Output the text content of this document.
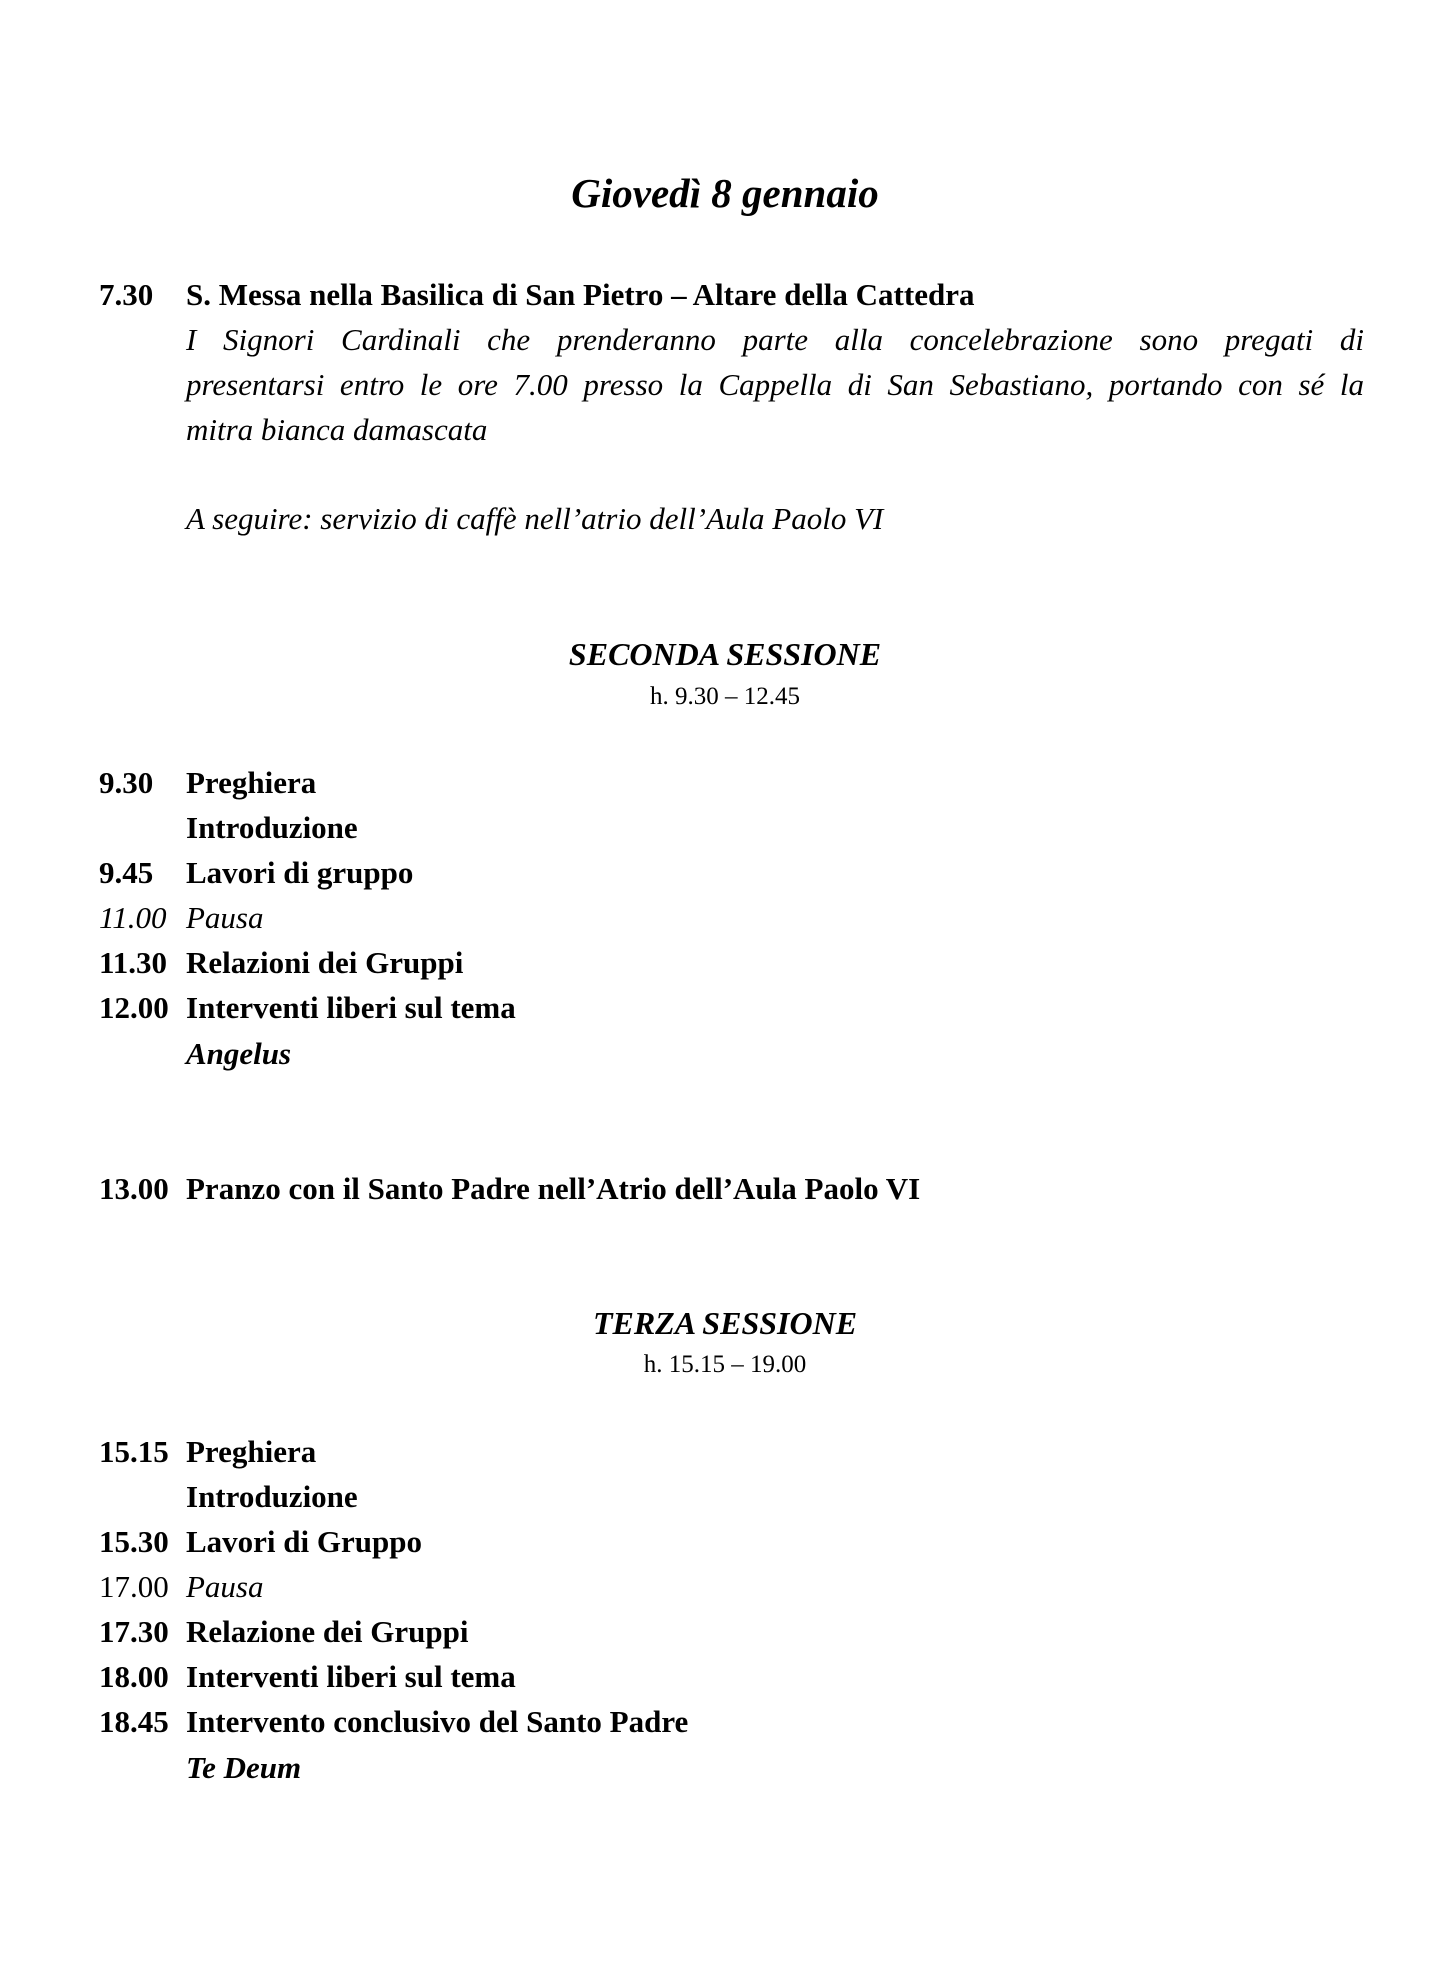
Giovedì 8 gennaio
7.30 S. Messa nella Basilica di San Pietro – Altare della Cattedra
I Signori Cardinali che prenderanno parte alla concelebrazione sono pregati di
presentarsi entro le ore 7.00 presso la Cappella di San Sebastiano, portando con sé la
mitra bianca damascata
A seguire: servizio di caffè nell’atrio dell’Aula Paolo VI
SECONDA SESSIONE
h. 9.30 – 12.45
9.30 Preghiera
Introduzione
9.45 Lavori di gruppo
11.00 Pausa
11.30 Relazioni dei Gruppi
12.00 Interventi liberi sul tema
Angelus
13.00 Pranzo con il Santo Padre nell’Atrio dell’Aula Paolo VI
TERZA SESSIONE
h. 15.15 – 19.00
15.15 Preghiera
Introduzione
15.30 Lavori di Gruppo
17.00 Pausa
17.30 Relazione dei Gruppi
18.00 Interventi liberi sul tema
18.45 Intervento conclusivo del Santo Padre
Te Deum
